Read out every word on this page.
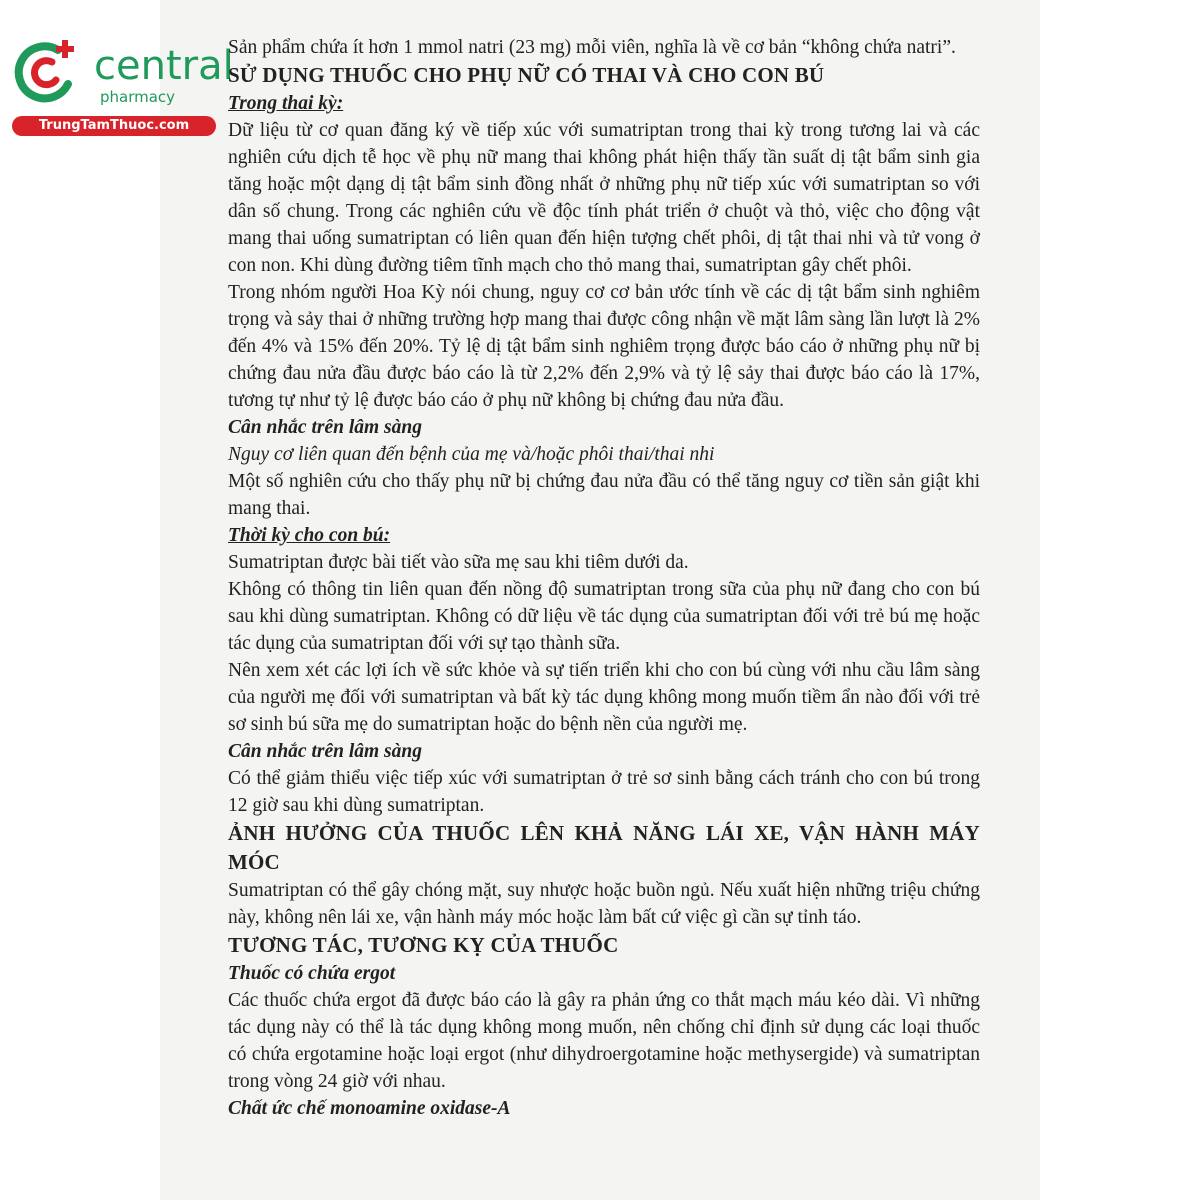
central
pharmacy
TrungTamThuoc.com

Sản phẩm chứa ít hơn 1 mmol natri (23 mg) mỗi viên, nghĩa là về cơ bản “không chứa natri”.

SỬ DỤNG THUỐC CHO PHỤ NỮ CÓ THAI VÀ CHO CON BÚ

Trong thai kỳ:

Dữ liệu từ cơ quan đăng ký về tiếp xúc với sumatriptan trong thai kỳ trong tương lai và các nghiên cứu dịch tễ học về phụ nữ mang thai không phát hiện thấy tần suất dị tật bẩm sinh gia tăng hoặc một dạng dị tật bẩm sinh đồng nhất ở những phụ nữ tiếp xúc với sumatriptan so với dân số chung. Trong các nghiên cứu về độc tính phát triển ở chuột và thỏ, việc cho động vật mang thai uống sumatriptan có liên quan đến hiện tượng chết phôi, dị tật thai nhi và tử vong ở con non. Khi dùng đường tiêm tĩnh mạch cho thỏ mang thai, sumatriptan gây chết phôi.

Trong nhóm người Hoa Kỳ nói chung, nguy cơ cơ bản ước tính về các dị tật bẩm sinh nghiêm trọng và sảy thai ở những trường hợp mang thai được công nhận về mặt lâm sàng lần lượt là 2% đến 4% và 15% đến 20%. Tỷ lệ dị tật bẩm sinh nghiêm trọng được báo cáo ở những phụ nữ bị chứng đau nửa đầu được báo cáo là từ 2,2% đến 2,9% và tỷ lệ sảy thai được báo cáo là 17%, tương tự như tỷ lệ được báo cáo ở phụ nữ không bị chứng đau nửa đầu.

Cân nhắc trên lâm sàng

Nguy cơ liên quan đến bệnh của mẹ và/hoặc phôi thai/thai nhi

Một số nghiên cứu cho thấy phụ nữ bị chứng đau nửa đầu có thể tăng nguy cơ tiền sản giật khi mang thai.

Thời kỳ cho con bú:

Sumatriptan được bài tiết vào sữa mẹ sau khi tiêm dưới da.

Không có thông tin liên quan đến nồng độ sumatriptan trong sữa của phụ nữ đang cho con bú sau khi dùng sumatriptan. Không có dữ liệu về tác dụng của sumatriptan đối với trẻ bú mẹ hoặc tác dụng của sumatriptan đối với sự tạo thành sữa.

Nên xem xét các lợi ích về sức khỏe và sự tiến triển khi cho con bú cùng với nhu cầu lâm sàng của người mẹ đối với sumatriptan và bất kỳ tác dụng không mong muốn tiềm ẩn nào đối với trẻ sơ sinh bú sữa mẹ do sumatriptan hoặc do bệnh nền của người mẹ.

Cân nhắc trên lâm sàng

Có thể giảm thiểu việc tiếp xúc với sumatriptan ở trẻ sơ sinh bằng cách tránh cho con bú trong 12 giờ sau khi dùng sumatriptan.

ẢNH HƯỞNG CỦA THUỐC LÊN KHẢ NĂNG LÁI XE, VẬN HÀNH MÁY MÓC

Sumatriptan có thể gây chóng mặt, suy nhược hoặc buồn ngủ. Nếu xuất hiện những triệu chứng này, không nên lái xe, vận hành máy móc hoặc làm bất cứ việc gì cần sự tỉnh táo.

TƯƠNG TÁC, TƯƠNG KỴ CỦA THUỐC

Thuốc có chứa ergot

Các thuốc chứa ergot đã được báo cáo là gây ra phản ứng co thắt mạch máu kéo dài. Vì những tác dụng này có thể là tác dụng không mong muốn, nên chống chỉ định sử dụng các loại thuốc có chứa ergotamine hoặc loại ergot (như dihydroergotamine hoặc methysergide) và sumatriptan trong vòng 24 giờ với nhau.

Chất ức chế monoamine oxidase-A
